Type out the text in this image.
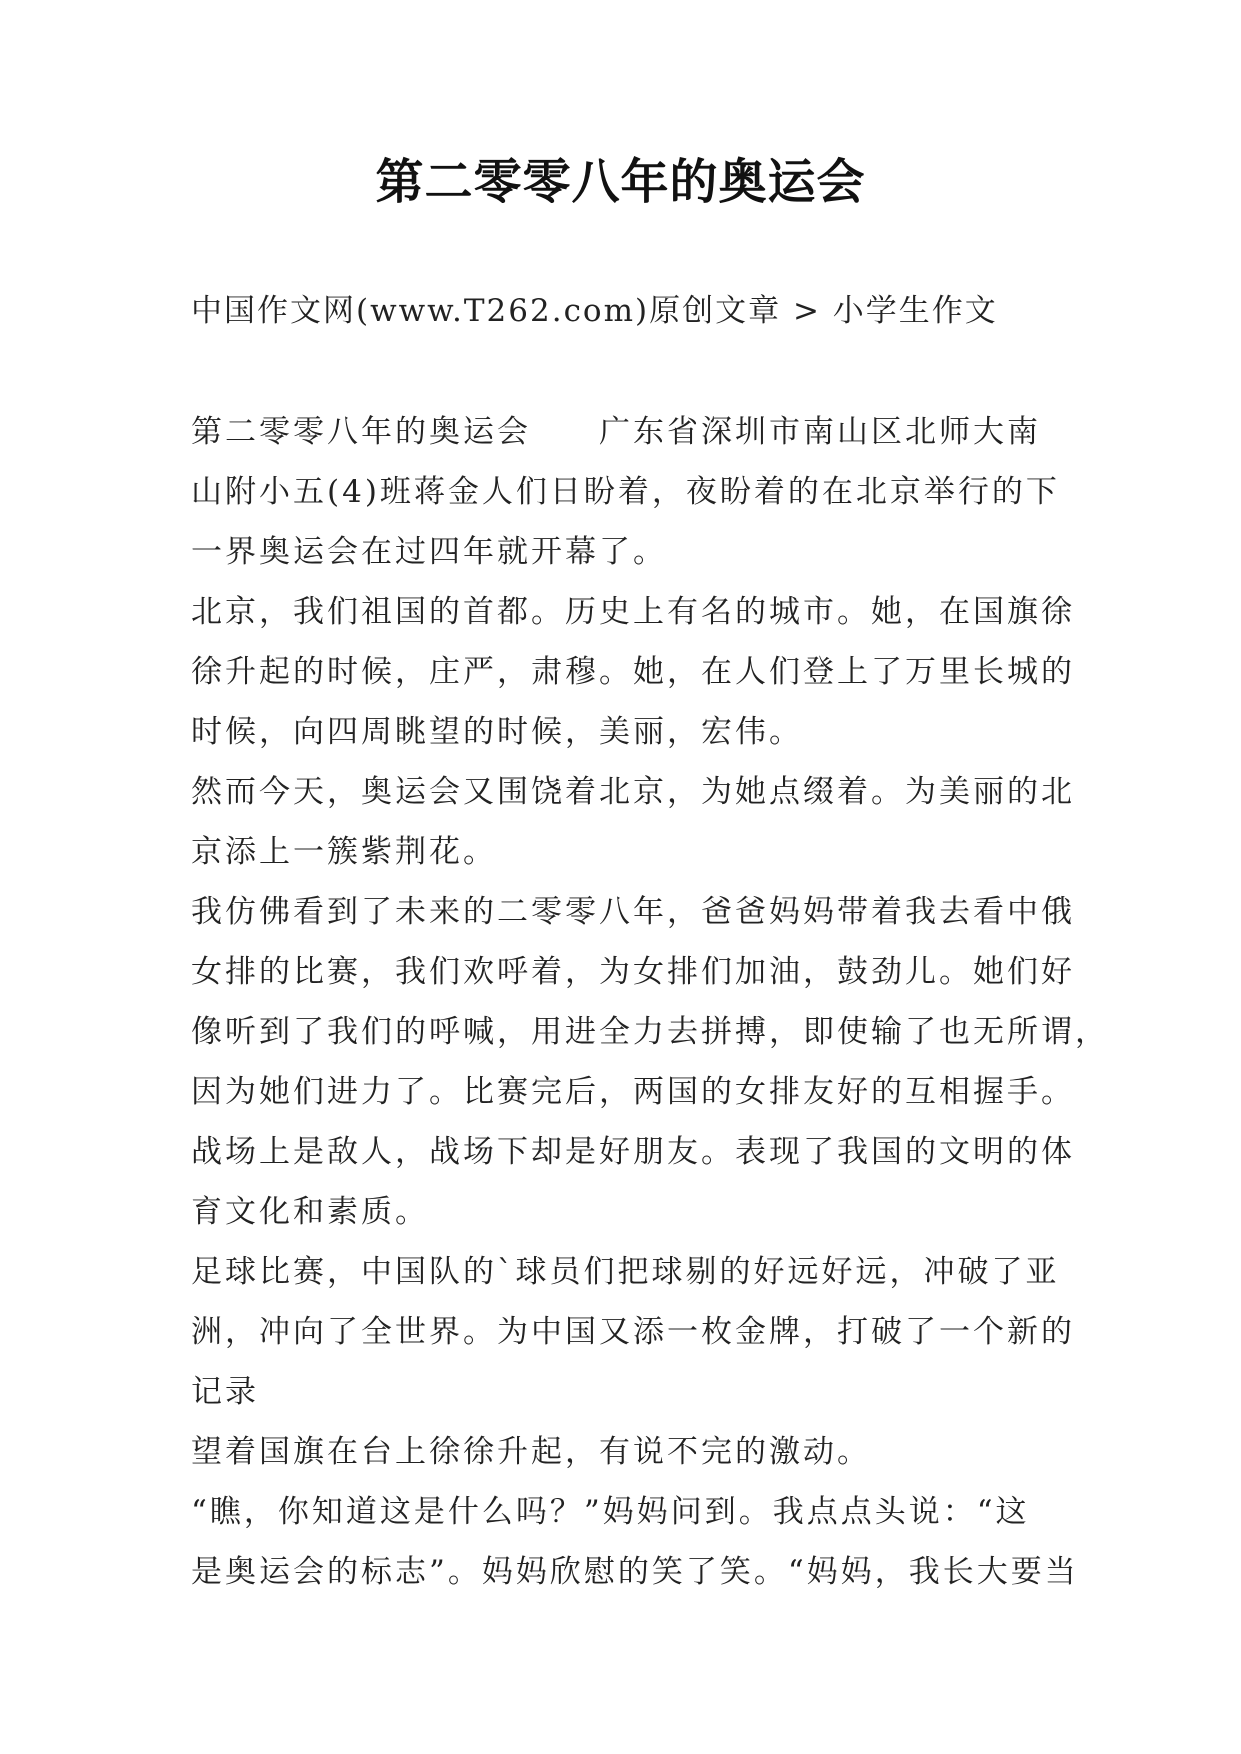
第二零零八年的奥运会
中国作文网(www.T262.com)原创文章 > 小学生作文
第二零零八年的奥运会　　广东省深圳市南山区北师大南
山附小五(4)班蒋金人们日盼着，夜盼着的在北京举行的下
一界奥运会在过四年就开幕了。
北京，我们祖国的首都。历史上有名的城市。她，在国旗徐
徐升起的时候，庄严，肃穆。她，在人们登上了万里长城的
时候，向四周眺望的时候，美丽，宏伟。
然而今天，奥运会又围饶着北京，为她点缀着。为美丽的北
京添上一簇紫荆花。
我仿佛看到了未来的二零零八年，爸爸妈妈带着我去看中俄
女排的比赛，我们欢呼着，为女排们加油，鼓劲儿。她们好
像听到了我们的呼喊，用进全力去拼搏，即使输了也无所谓，
因为她们进力了。比赛完后，两国的女排友好的互相握手。
战场上是敌人，战场下却是好朋友。表现了我国的文明的体
育文化和素质。
足球比赛，中国队的`球员们把球剔的好远好远，冲破了亚
洲，冲向了全世界。为中国又添一枚金牌，打破了一个新的
记录
望着国旗在台上徐徐升起，有说不完的激动。
“瞧，你知道这是什么吗？”妈妈问到。我点点头说：“这
是奥运会的标志”。妈妈欣慰的笑了笑。“妈妈，我长大要当
